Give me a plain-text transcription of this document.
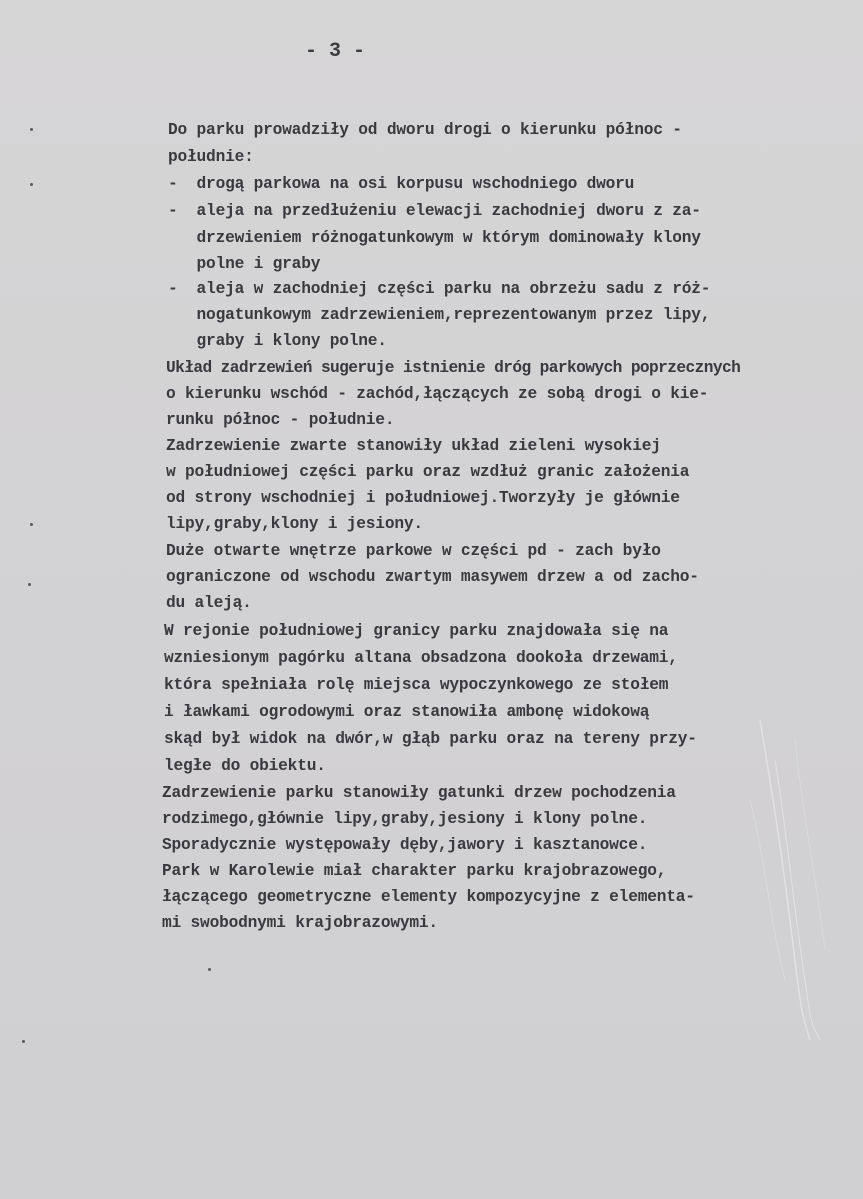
- 3 -
Do parku prowadziły od dworu drogi o kierunku północ -
południe:
-  drogą parkowa na osi korpusu wschodniego dworu
-  aleja na przedłużeniu elewacji zachodniej dworu z za-
drzewieniem różnogatunkowym w którym dominowały klony
polne i graby
-  aleja w zachodniej części parku na obrzeżu sadu z róż-
nogatunkowym zadrzewieniem,reprezentowanym przez lipy,
graby i klony polne.
Układ zadrzewień sugeruje istnienie dróg parkowych poprzecznych
o kierunku wschód - zachód,łączących ze sobą drogi o kie-
runku północ - południe.
Zadrzewienie zwarte stanowiły układ zieleni wysokiej
w południowej części parku oraz wzdłuż granic założenia
od strony wschodniej i południowej.Tworzyły je głównie
lipy,graby,klony i jesiony.
Duże otwarte wnętrze parkowe w części pd - zach było
ograniczone od wschodu zwartym masywem drzew a od zacho-
du aleją.
W rejonie południowej granicy parku znajdowała się na
wzniesionym pagórku altana obsadzona dookoła drzewami,
która spełniała rolę miejsca wypoczynkowego ze stołem
i ławkami ogrodowymi oraz stanowiła ambonę widokową
skąd był widok na dwór,w głąb parku oraz na tereny przy-
ległe do obiektu.
Zadrzewienie parku stanowiły gatunki drzew pochodzenia
rodzimego,głównie lipy,graby,jesiony i klony polne.
Sporadycznie występowały dęby,jawory i kasztanowce.
Park w Karolewie miał charakter parku krajobrazowego,
łączącego geometryczne elementy kompozycyjne z elementa-
mi swobodnymi krajobrazowymi.
